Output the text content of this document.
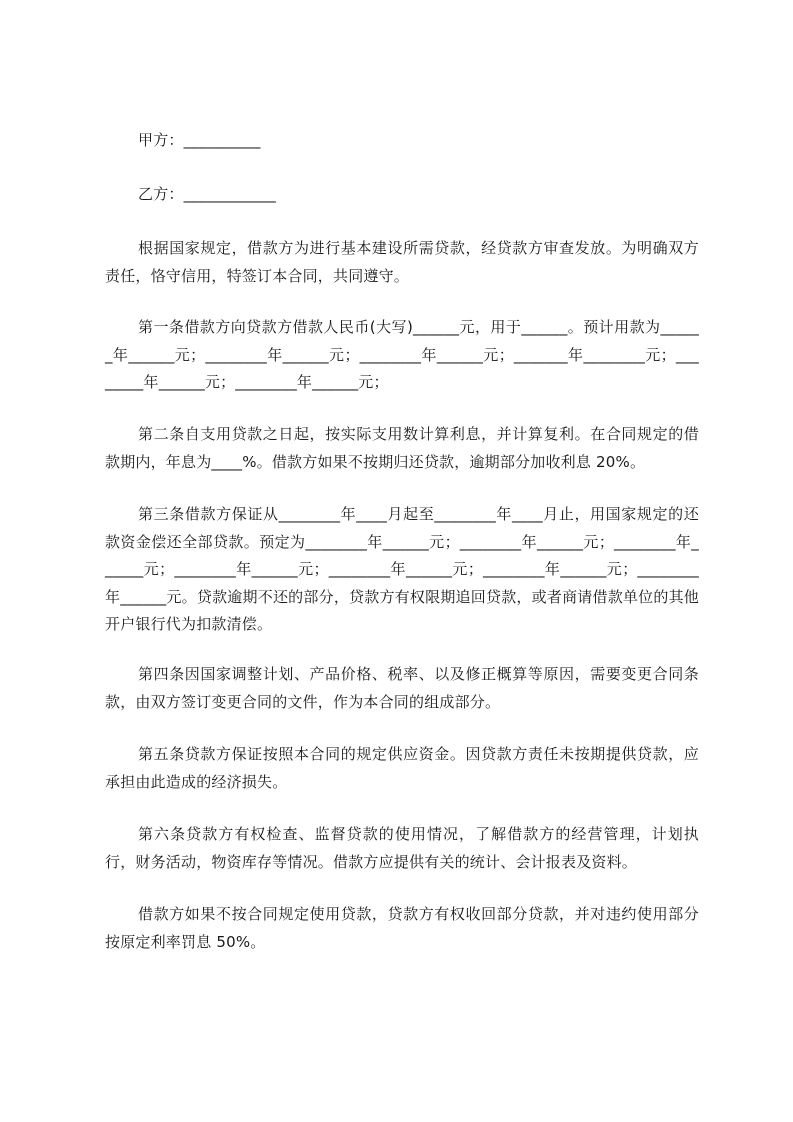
甲方：__________
乙方：____________
根据国家规定，借款方为进行基本建设所需贷款，经贷款方审查发放。为明确双方责任，恪守信用，特签订本合同，共同遵守。
第一条借款方向贷款方借款人民币(大写)______元，用于______。预计用款为______年______元；________年______元；________年______元；_______年________元；________年______元；________年______元；
第二条自支用贷款之日起，按实际支用数计算利息，并计算复利。在合同规定的借款期内，年息为____%。借款方如果不按期归还贷款，逾期部分加收利息 20%。
第三条借款方保证从________年____月起至________年____月止，用国家规定的还款资金偿还全部贷款。预定为________年______元；________年______元；________年______元；________年______元；________年______元；________年______元；________年______元。贷款逾期不还的部分，贷款方有权限期追回贷款，或者商请借款单位的其他开户银行代为扣款清偿。
第四条因国家调整计划、产品价格、税率、以及修正概算等原因，需要变更合同条款，由双方签订变更合同的文件，作为本合同的组成部分。
第五条贷款方保证按照本合同的规定供应资金。因贷款方责任未按期提供贷款，应承担由此造成的经济损失。
第六条贷款方有权检查、监督贷款的使用情况，了解借款方的经营管理，计划执行，财务活动，物资库存等情况。借款方应提供有关的统计、会计报表及资料。
借款方如果不按合同规定使用贷款，贷款方有权收回部分贷款，并对违约使用部分按原定利率罚息 50%。
